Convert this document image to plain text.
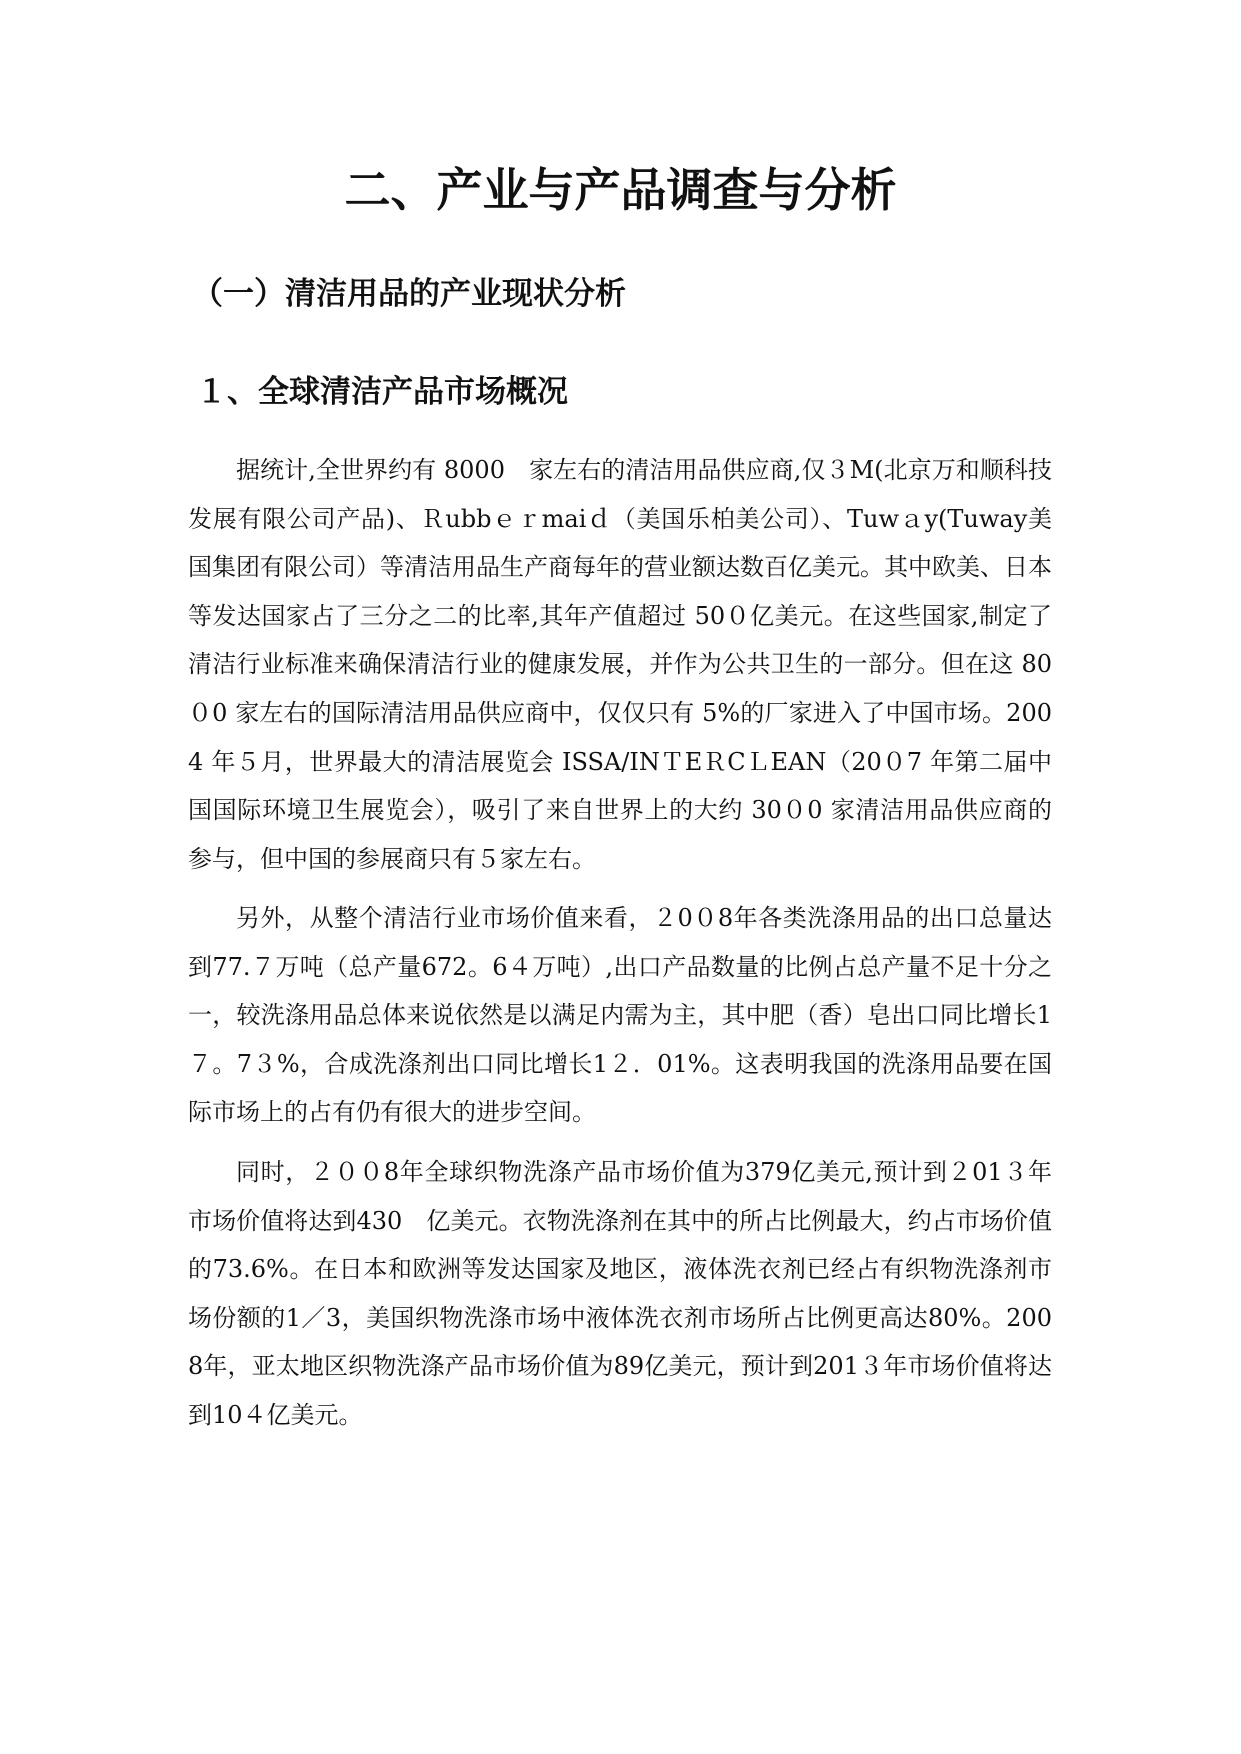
二、产业与产品调查与分析
（一）清洁用品的产业现状分析
１、全球清洁产品市场概况

据统计,全世界约有 8000　家左右的清洁用品供应商,仅３M(北京万和顺科技发展有限公司产品)、Ｒubbｅｒmaiｄ（美国乐柏美公司）、Tuwａy(Tuway美国集团有限公司）等清洁用品生产商每年的营业额达数百亿美元。其中欧美、日本等发达国家占了三分之二的比率,其年产值超过 50０亿美元。在这些国家,制定了清洁行业标准来确保清洁行业的健康发展，并作为公共卫生的一部分。但在这 80０0 家左右的国际清洁用品供应商中，仅仅只有 5%的厂家进入了中国市场。2004 年５月，世界最大的清洁展览会 ISSA/INＴEＲCＬEAN（20０7 年第二届中国国际环境卫生展览会），吸引了来自世界上的大约 30０0 家清洁用品供应商的参与，但中国的参展商只有５家左右。

另外，从整个清洁行业市场价值来看，２0０8年各类洗涤用品的出口总量达到77.７万吨（总产量672。6４万吨）,出口产品数量的比例占总产量不足十分之一，较洗涤用品总体来说依然是以满足内需为主，其中肥（香）皂出口同比增长1７。7３%，合成洗涤剂出口同比增长1２．01%。这表明我国的洗涤用品要在国际市场上的占有仍有很大的进步空间。

同时，２００8年全球织物洗涤产品市场价值为379亿美元,预计到２01３年市场价值将达到430　亿美元。衣物洗涤剂在其中的所占比例最大，约占市场价值的73.6%。在日本和欧洲等发达国家及地区，液体洗衣剂已经占有织物洗涤剂市场份额的1／3，美国织物洗涤市场中液体洗衣剂市场所占比例更高达80%。2008年，亚太地区织物洗涤产品市场价值为89亿美元，预计到201３年市场价值将达到10４亿美元。
